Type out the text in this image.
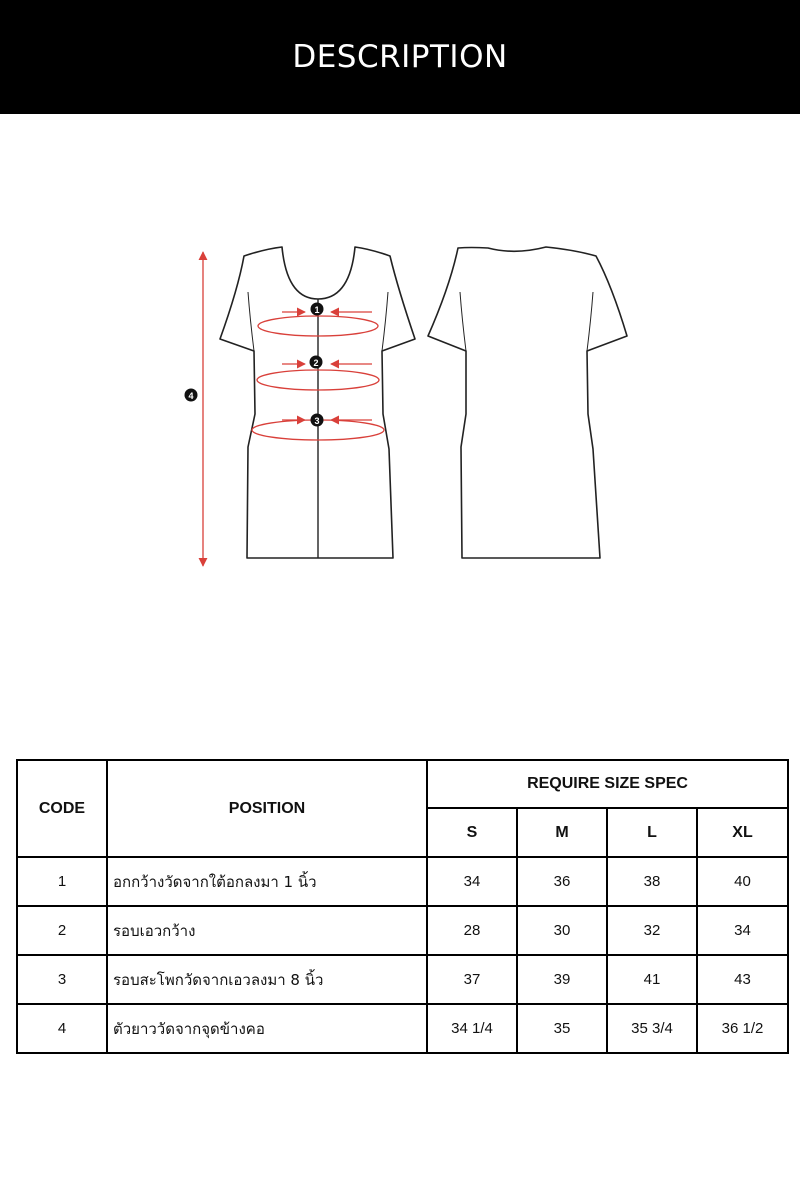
DESCRIPTION
1
2
3
4
CODE	POSITION	REQUIRE SIZE SPEC			
		S	M	L	XL
1	อกกว้างวัดจากใต้อกลงมา 1 นิ้ว	34	36	38	40
2	รอบเอวกว้าง	28	30	32	34
3	รอบสะโพกวัดจากเอวลงมา 8 นิ้ว	37	39	41	43
4	ตัวยาววัดจากจุดข้างคอ	34 1/4	35	35 3/4	36 1/2
